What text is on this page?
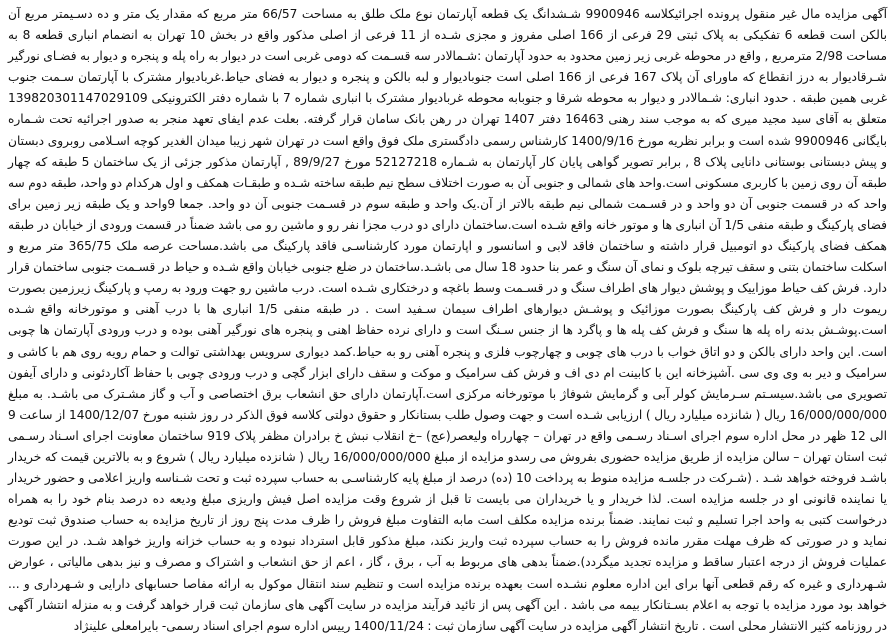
آگهی مزایده مال غیر منقول پرونده اجرائیکلاسه 9900946 شـشدانگ یک قطعه آپارتمان نوع ملک طلق به مساحت 66/57 متر مربع که مقدار یک متر و ده دسـیمتر مربع آن بالکن است قطعه 6 تفکیکی به پلاک ثبتی 29 فرعی از 166 اصلی مفروز و مجزی شـده از 11 فرعی از اصلی مذکور واقع در بخش 10 تهران به انضمام انباری قطعه 8 به مساحت 2/98 مترمربع , واقع در محوطه غربی زیر زمین محدود به حدود آپارتمان :شـمالادر سه قسـمت که دومی غربی است در دیوار به راه پله و پنجره و دیوار به فضـای نورگیر شـرقادیوار به درز انقطاع که ماورای آن پلاک 167 فرعی از 166 اصلی است جنوبادیوار و لبه بالکن و پنجره و دیوار به فضای حیاط.غربادیوار مشترک با آپارتمان سـمت جنوب غربی همین طبقه . حدود انباری: شـمالادر و دیوار به محوطه شرقا و جنوبابه محوطه غربادیوار مشترک با انباری شماره 7 با شماره دفتر الکترونیکی 139820301147029109 متعلق به آقای سید مجید میری که به موجب سند رهنی 16463 دفتر 1407 تهران در رهن بانک سامان قرار گرفته. بعلت عدم ایفای تعهد منجر به صدور اجرائیه تحت شـماره بایگانی 9900946 شده است و برابر نظریه مورخ 1400/9/16 کارشناس رسمی دادگستری ملک فوق واقع است در تهران شهر زیبا میدان الغدیر کوچه اسـلامی روبروی دبستان و پیش دبستانی بوستانی دانایی پلاک 8 , برابر تصویر گواهی پایان کار آپارتمان به شـماره 52127218 مورخ 89/9/27 , آپارتمان مذکور جزئی از یک ساختمان 5 طبقه که چهار طبقه آن روی زمین با کاربری مسکونی است.واحد های شمالی و جنوبی آن به صورت اختلاف سطح نیم طبقه ساخته شـده و طبقـات همکف و اول هرکدام دو واحد، طبقه دوم سه واحد که در قسمت جنوبی آن دو واحد و در قسـمت شمالی نیم طبقه بالاتر از آن.یک واحد و طبقه سوم در قسـمت جنوبی آن دو واحد. جمعا 9واحد و یک طبقه زیر زمین برای فضای پارکینگ و طبقه منفی 1/5 آن انباری ها و موتور خانه واقع شـده است.ساختمان دارای دو درب مجزا نفر رو و ماشین رو می باشد ضمناً در قسمت ورودی از خیابان در طبقه همکف فضای پارکینگ دو اتومبیل قرار داشته و ساختمان فاقد لابی و اسانسور و اپارتمان مورد کارشناسـی فاقد پارکینگ می باشد.مساحت عرصه ملک 365/75 متر مربع و اسکلت ساختمان بتنی و سقف تیرچه بلوک و نمای آن سنگ و عمر بنا حدود 18 سال می باشـد.ساختمان در ضلع جنوبی خیابان واقع شـده و حیاط در قسـمت جنوبی ساختمان قرار دارد. فرش کف حیاط موزاییک و پوشش دیوار های اطراف سنگ و در قسـمت وسط باغچه و درختکاری شـده است. درب ماشین رو جهت ورود به رمپ و پارکینگ زیرزمین بصورت ریموت دار و فرش کف پارکینگ بصورت موزائیک و پوشـش دیوارهای اطراف سیمان سـفید است . در طبقه منفی 1/5 انباری ها با درب آهنی و موتورخانه واقع شـده است.پوشـش بدنه راه پله ها سنگ و فرش کف پله ها و پاگرد ها از جنس سـنگ است و دارای نرده حفاظ اهنی و پنجره های نورگیر آهنی بوده و درب ورودی آپارتمان ها چوبی است. این واحد دارای بالکن و دو اتاق خواب با درب های چوبی و چهارچوب فلزی و پنجره آهنی رو به حیاط.کمد دیواری سرویس بهداشتی توالت و حمام رویه روی هم با کاشی و سرامیک و دیر به وی وی سی .آشپزخانه این با کابینت ام دی اف و فرش کف سرامیک و موکت و سقف دارای ابزار گچی و درب ورودی چوبی با حفاظ آکاردئونی و دارای آیفون تصویری می باشد.سیسـتم سـرمایش کولر آبی و گرمایش شوفاژ با موتورخانه مرکزی است.آپارتمان دارای حق انشعاب برق اختصاصی و آب و گاز مشـترک می باشـد. به مبلغ 16/000/000/000 ریال ( شانزده میلیارد ریال ) ارزیابی شـده است و جهت وصول طلب بستانکار و حقوق دولتی کلاسه فوق الذکر در روز شنبه مورخ 1400/12/07 از ساعت 9 الی 12 ظهر در محل اداره سوم اجرای اسـناد رسـمی واقع در تهران – چهارراه ولیعصر(عج) –خ انقلاب نبش خ برادران مظفر پلاک 919 ساختمان معاونت اجرای اسـناد رسـمی ثبت استان تهران – سالن مزایده از طریق مزایده حضوری بفروش می رسدو مزایده از مبلغ 16/000/000/000 ریال ( شانزده میلیارد ریال ) شروع و به بالاترین قیمت که خریدار باشـد فروخته خواهد شـد . (شـرکت در جلسـه مزایده منوط به پرداخت 10 (ده) درصد از مبلغ پایه کارشناسـی به حساب سپرده ثبت و تحت شـناسه واریز اعلامی و حضور خریدار یا نماینده قانونی او در جلسه مزایده است. لذا خریدار و یا خریداران می بایست تا قبل از شروع وقت مزایده اصل فیش واریزی مبلغ ودیعه ده درصد بنام خود را به همراه درخواست کتبی به واحد اجرا تسلیم و ثبت نمایند. ضمناً برنده مزایده مکلف است مابه التفاوت مبلغ فروش را ظرف مدت پنج روز از تاریخ مزایده به حساب صندوق ثبت تودیع نماید و در صورتی که ظرف مهلت مقرر مانده فروش را به حساب سپرده ثبت واریز نکند، مبلغ مذکور قابل استرداد نبوده و به حساب خزانه واریز خواهد شـد. در این صورت عملیات فروش از درجه اعتبار ساقط و مزایده تجدید میگردد).ضمناً بدهی های مربوط به آب ، برق ، گاز ، اعم از حق انشعاب و اشتراک و مصرف و نیز بدهی مالیاتی ، عوارض شـهرداری و غیره که رقم قطعی آنها برای این اداره معلوم نشـده است بعهده برنده مزایده است و تنظیم سند انتقال موکول به ارائه مفاصا حسابهای دارایی و شـهرداری و ... خواهد بود مورد مزایده با توجه به اعلام بسـتانکار بیمه می باشد . این آگهی پس از تائید فرآیند مزایده در سایت آگهی های سازمان ثبت قرار خواهد گرفت و به منزله انتشار آگهی در روزنامه کثیر الانتشار محلی است . تاریخ انتشار آگهی مزایده در سایت آگهی سازمان ثبت : 1400/11/24 رییس اداره سوم اجرای اسناد رسمی- بایرامعلی علینژاد
